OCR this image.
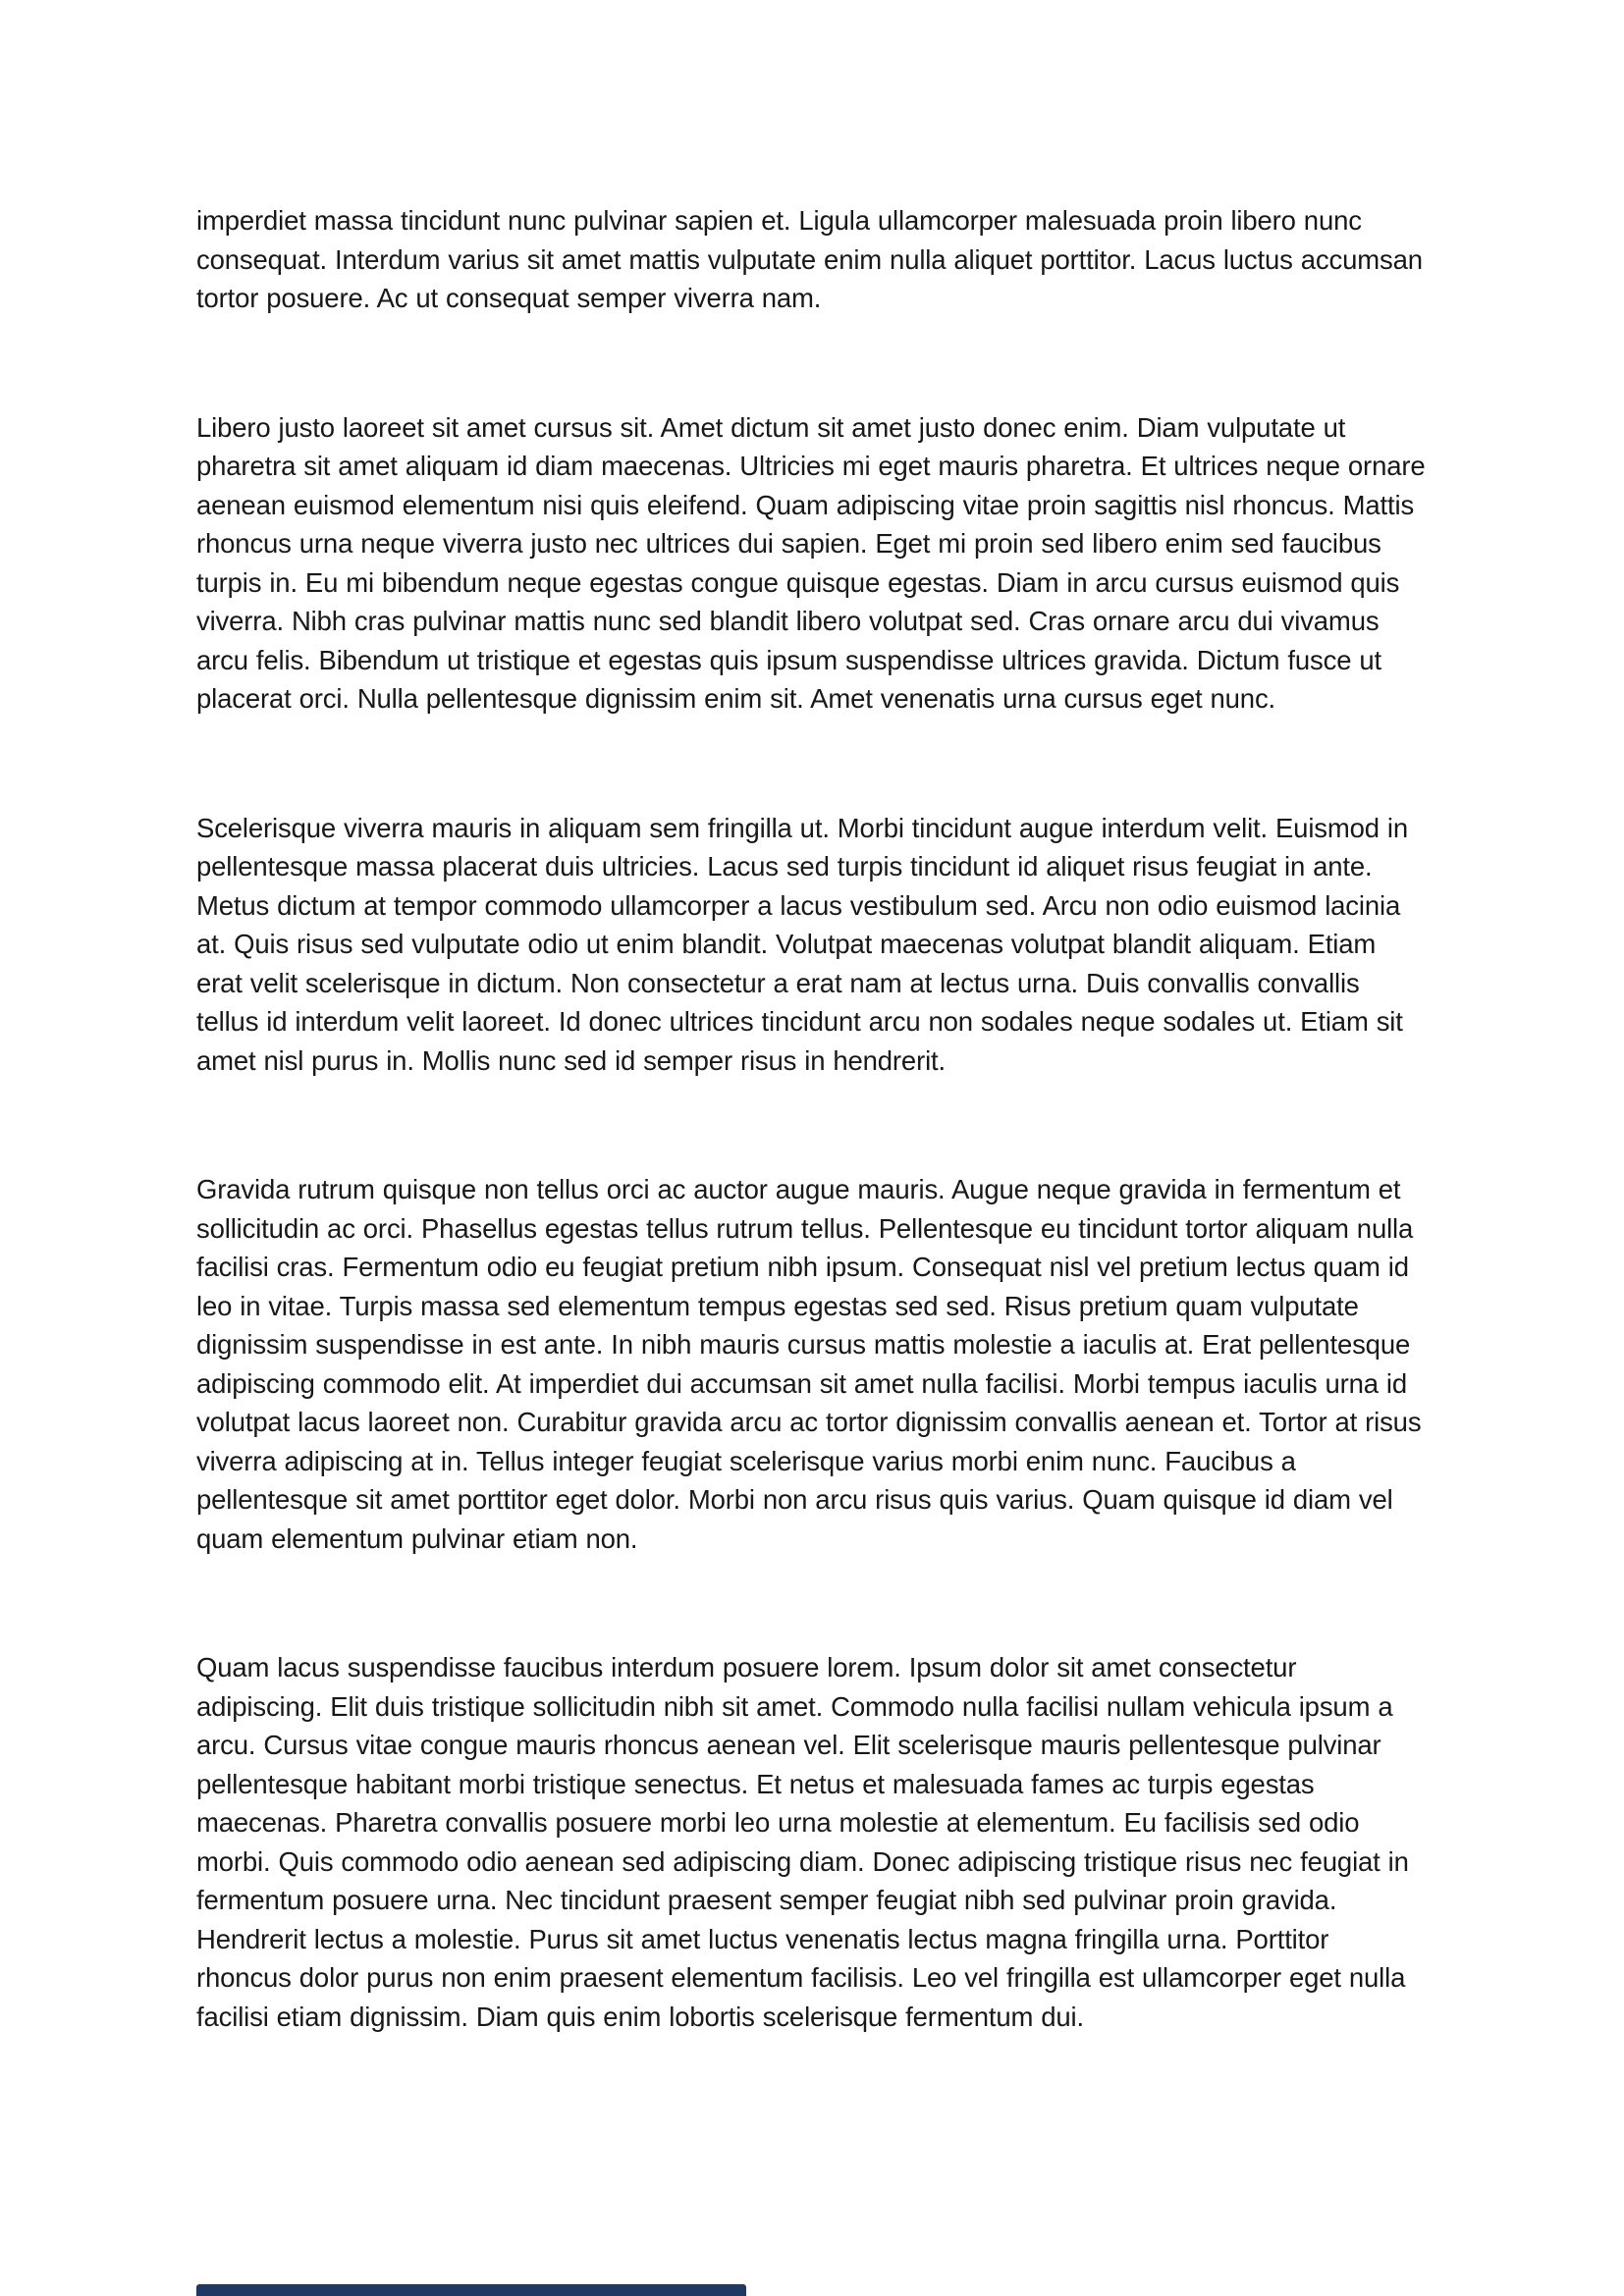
imperdiet massa tincidunt nunc pulvinar sapien et. Ligula ullamcorper malesuada proin libero nunc consequat. Interdum varius sit amet mattis vulputate enim nulla aliquet porttitor. Lacus luctus accumsan tortor posuere. Ac ut consequat semper viverra nam.

Libero justo laoreet sit amet cursus sit. Amet dictum sit amet justo donec enim. Diam vulputate ut pharetra sit amet aliquam id diam maecenas. Ultricies mi eget mauris pharetra. Et ultrices neque ornare aenean euismod elementum nisi quis eleifend. Quam adipiscing vitae proin sagittis nisl rhoncus. Mattis rhoncus urna neque viverra justo nec ultrices dui sapien. Eget mi proin sed libero enim sed faucibus turpis in. Eu mi bibendum neque egestas congue quisque egestas. Diam in arcu cursus euismod quis viverra. Nibh cras pulvinar mattis nunc sed blandit libero volutpat sed. Cras ornare arcu dui vivamus arcu felis. Bibendum ut tristique et egestas quis ipsum suspendisse ultrices gravida. Dictum fusce ut placerat orci. Nulla pellentesque dignissim enim sit. Amet venenatis urna cursus eget nunc.

Scelerisque viverra mauris in aliquam sem fringilla ut. Morbi tincidunt augue interdum velit. Euismod in pellentesque massa placerat duis ultricies. Lacus sed turpis tincidunt id aliquet risus feugiat in ante. Metus dictum at tempor commodo ullamcorper a lacus vestibulum sed. Arcu non odio euismod lacinia at. Quis risus sed vulputate odio ut enim blandit. Volutpat maecenas volutpat blandit aliquam. Etiam erat velit scelerisque in dictum. Non consectetur a erat nam at lectus urna. Duis convallis convallis tellus id interdum velit laoreet. Id donec ultrices tincidunt arcu non sodales neque sodales ut. Etiam sit amet nisl purus in. Mollis nunc sed id semper risus in hendrerit.

Gravida rutrum quisque non tellus orci ac auctor augue mauris. Augue neque gravida in fermentum et sollicitudin ac orci. Phasellus egestas tellus rutrum tellus. Pellentesque eu tincidunt tortor aliquam nulla facilisi cras. Fermentum odio eu feugiat pretium nibh ipsum. Consequat nisl vel pretium lectus quam id leo in vitae. Turpis massa sed elementum tempus egestas sed sed. Risus pretium quam vulputate dignissim suspendisse in est ante. In nibh mauris cursus mattis molestie a iaculis at. Erat pellentesque adipiscing commodo elit. At imperdiet dui accumsan sit amet nulla facilisi. Morbi tempus iaculis urna id volutpat lacus laoreet non. Curabitur gravida arcu ac tortor dignissim convallis aenean et. Tortor at risus viverra adipiscing at in. Tellus integer feugiat scelerisque varius morbi enim nunc. Faucibus a pellentesque sit amet porttitor eget dolor. Morbi non arcu risus quis varius. Quam quisque id diam vel quam elementum pulvinar etiam non.

Quam lacus suspendisse faucibus interdum posuere lorem. Ipsum dolor sit amet consectetur adipiscing. Elit duis tristique sollicitudin nibh sit amet. Commodo nulla facilisi nullam vehicula ipsum a arcu. Cursus vitae congue mauris rhoncus aenean vel. Elit scelerisque mauris pellentesque pulvinar pellentesque habitant morbi tristique senectus. Et netus et malesuada fames ac turpis egestas maecenas. Pharetra convallis posuere morbi leo urna molestie at elementum. Eu facilisis sed odio morbi. Quis commodo odio aenean sed adipiscing diam. Donec adipiscing tristique risus nec feugiat in fermentum posuere urna. Nec tincidunt praesent semper feugiat nibh sed pulvinar proin gravida. Hendrerit lectus a molestie. Purus sit amet luctus venenatis lectus magna fringilla urna. Porttitor rhoncus dolor purus non enim praesent elementum facilisis. Leo vel fringilla est ullamcorper eget nulla facilisi etiam dignissim. Diam quis enim lobortis scelerisque fermentum dui.
